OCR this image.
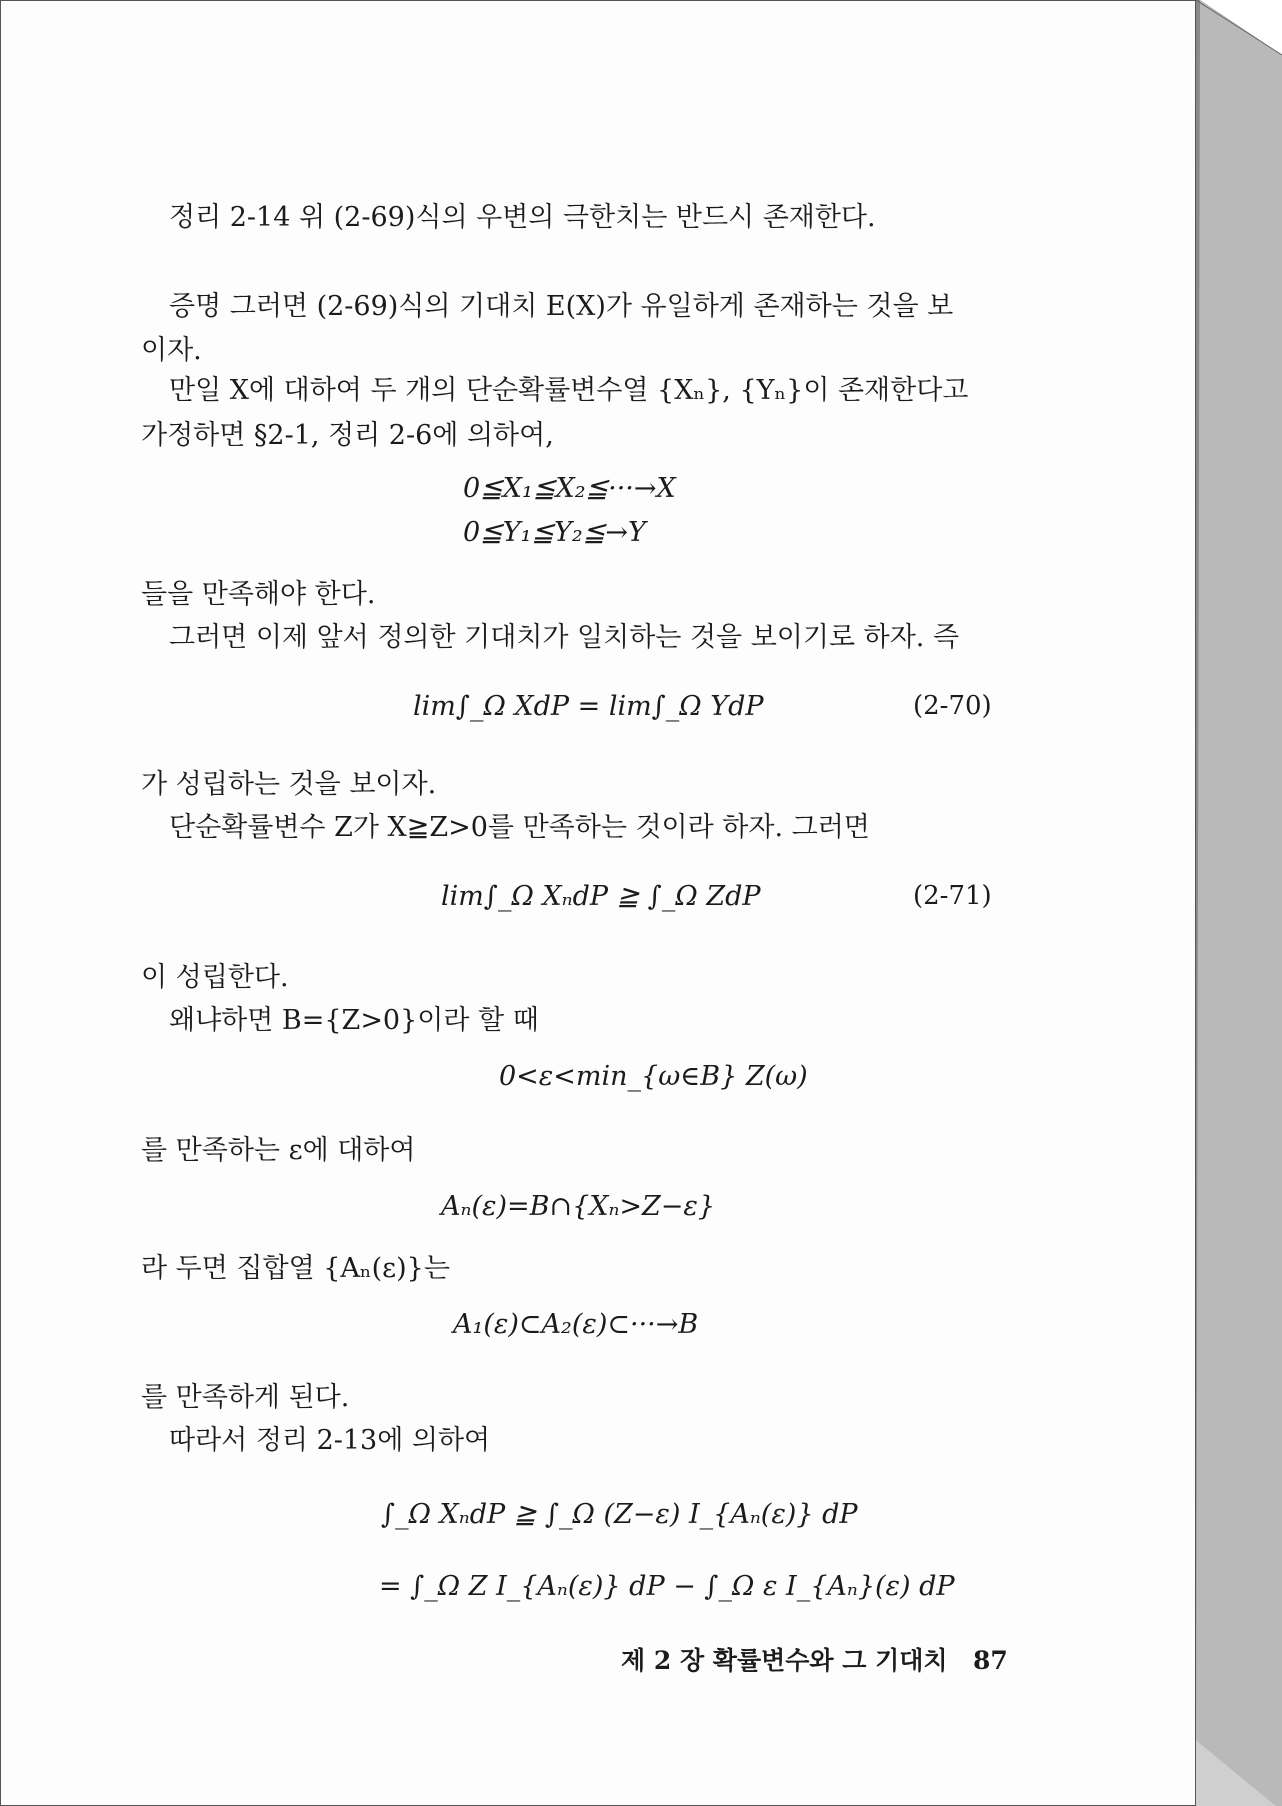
정리 2-14 위 (2-69)식의 우변의 극한치는 반드시 존재한다.
증명 그러면 (2-69)식의 기대치 E(X)가 유일하게 존재하는 것을 보
이자.
만일 X에 대하여 두 개의 단순확률변수열 {Xₙ}, {Yₙ}이 존재한다고
가정하면 §2-1, 정리 2-6에 의하여,
0≦X₁≦X₂≦···→X
0≦Y₁≦Y₂≦→Y
들을 만족해야 한다.
그러면 이제 앞서 정의한 기대치가 일치하는 것을 보이기로 하자. 즉
lim∫_Ω XdP = lim∫_Ω YdP	(2-70)
가 성립하는 것을 보이자.
단순확률변수 Z가 X≧Z>0를 만족하는 것이라 하자. 그러면
lim∫_Ω XₙdP ≧ ∫_Ω ZdP	(2-71)
이 성립한다.
왜냐하면 B={Z>0}이라 할 때
0<ε<min_{ω∈B} Z(ω)
를 만족하는 ε에 대하여
Aₙ(ε)=B∩{Xₙ>Z−ε}
라 두면 집합열 {Aₙ(ε)}는
A₁(ε)⊂A₂(ε)⊂···→B
를 만족하게 된다.
따라서 정리 2-13에 의하여
∫_Ω XₙdP ≧ ∫_Ω (Z−ε) I_{Aₙ(ε)} dP
= ∫_Ω Z I_{Aₙ(ε)} dP − ∫_Ω ε I_{Aₙ}(ε) dP
제 2 장 확률변수와 그 기대치 87
